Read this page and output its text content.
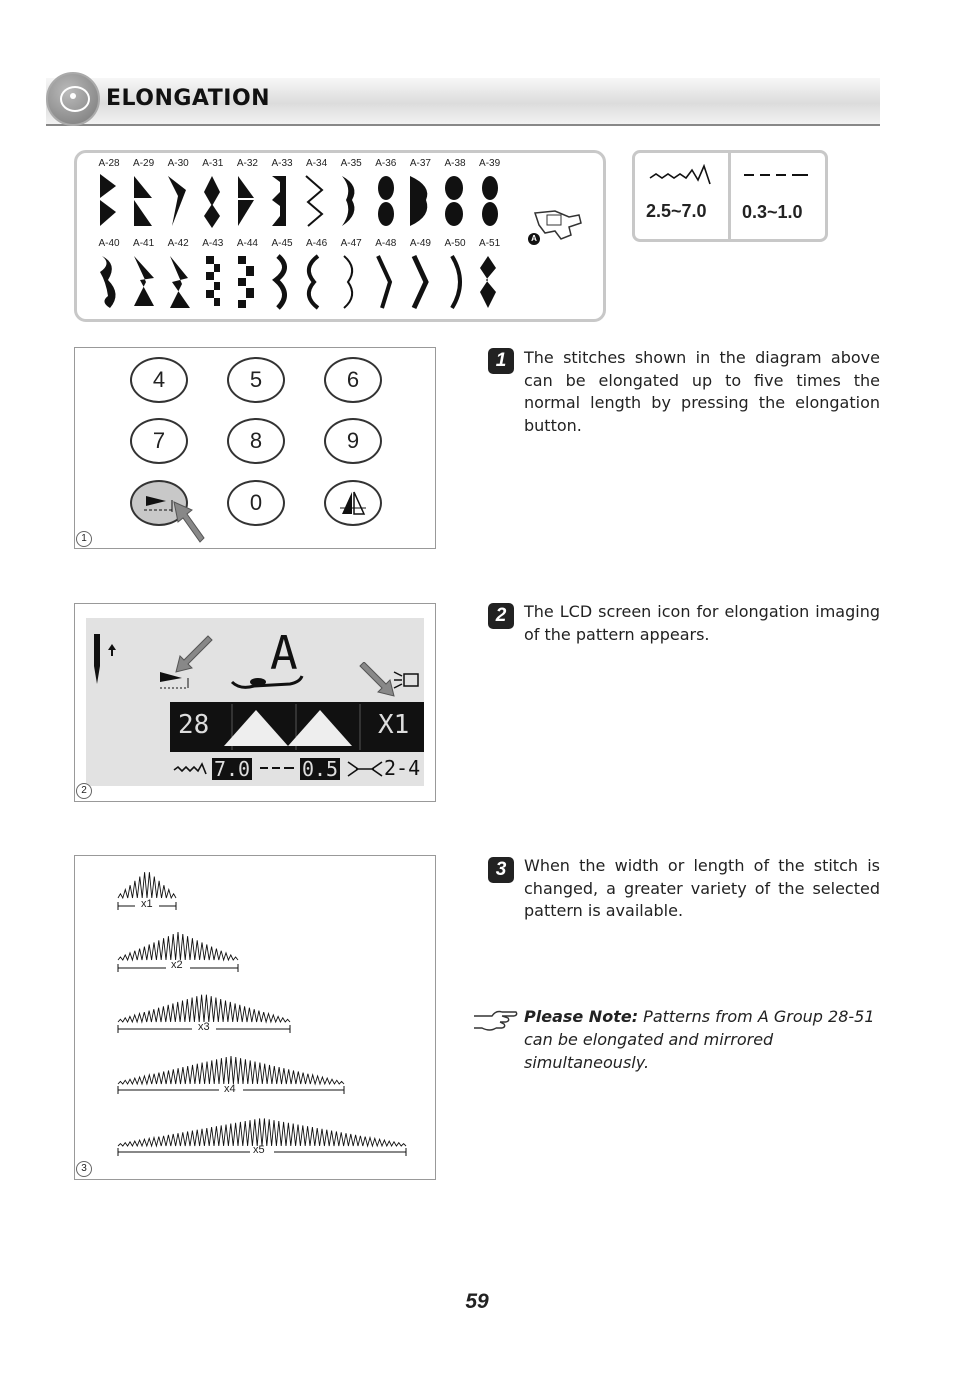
ELONGATION
A-28	A-29	A-30	A-31	A-32	A-33	A-34	A-35	A-36	A-37	A-38	A-39
A-40	A-41	A-42	A-43	A-44	A-45	A-46	A-47	A-48	A-49	A-50	A-51	A
2.5~7.0 0.3~1.0
4	5	6
7	8	9
0
1
A
28	X1
7.0	0.5 2-4
2
x1
x2
x3
x4
x5
3
1	The stitches shown in the diagram above can be elongated up to five times the normal length by pressing the elongation button.
2	The LCD screen icon for elongation imaging of the pattern appears.
3	When the width or length of the stitch is changed, a greater variety of the selected pattern is available.
Please Note: Patterns from A Group 28-51 can be elongated and mirrored simultaneously.
59
